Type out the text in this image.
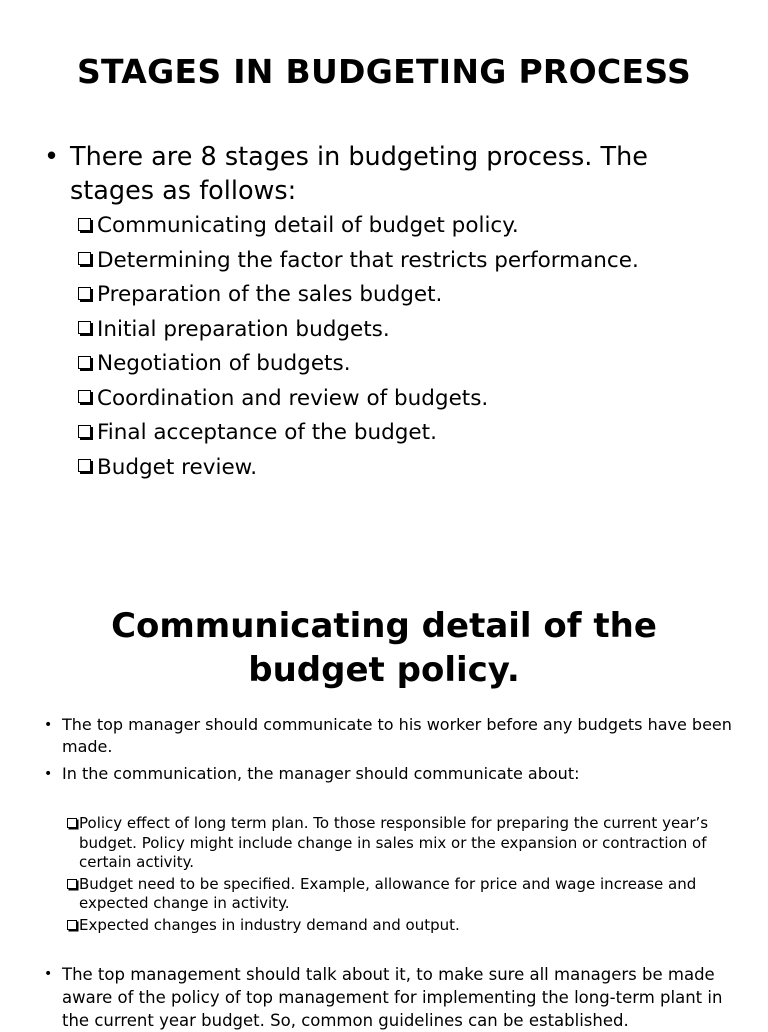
STAGES IN BUDGETING PROCESS
• There are 8 stages in budgeting process. The stages as follows:
Communicating detail of budget policy.
Determining the factor that restricts performance.
Preparation of the sales budget.
Initial preparation budgets.
Negotiation of budgets.
Coordination and review of budgets.
Final acceptance of the budget.
Budget review.
Communicating detail of the
budget policy.
• The top manager should communicate to his worker before any budgets have been made.
• In the communication, the manager should communicate about:
Policy effect of long term plan. To those responsible for preparing the current year’s budget. Policy might include change in sales mix or the expansion or contraction of certain activity.
Budget need to be specified. Example, allowance for price and wage increase and expected change in activity.
Expected changes in industry demand and output.
• The top management should talk about it, to make sure all managers be made aware of the policy of top management for implementing the long-term plant in the current year budget. So, common guidelines can be established.
